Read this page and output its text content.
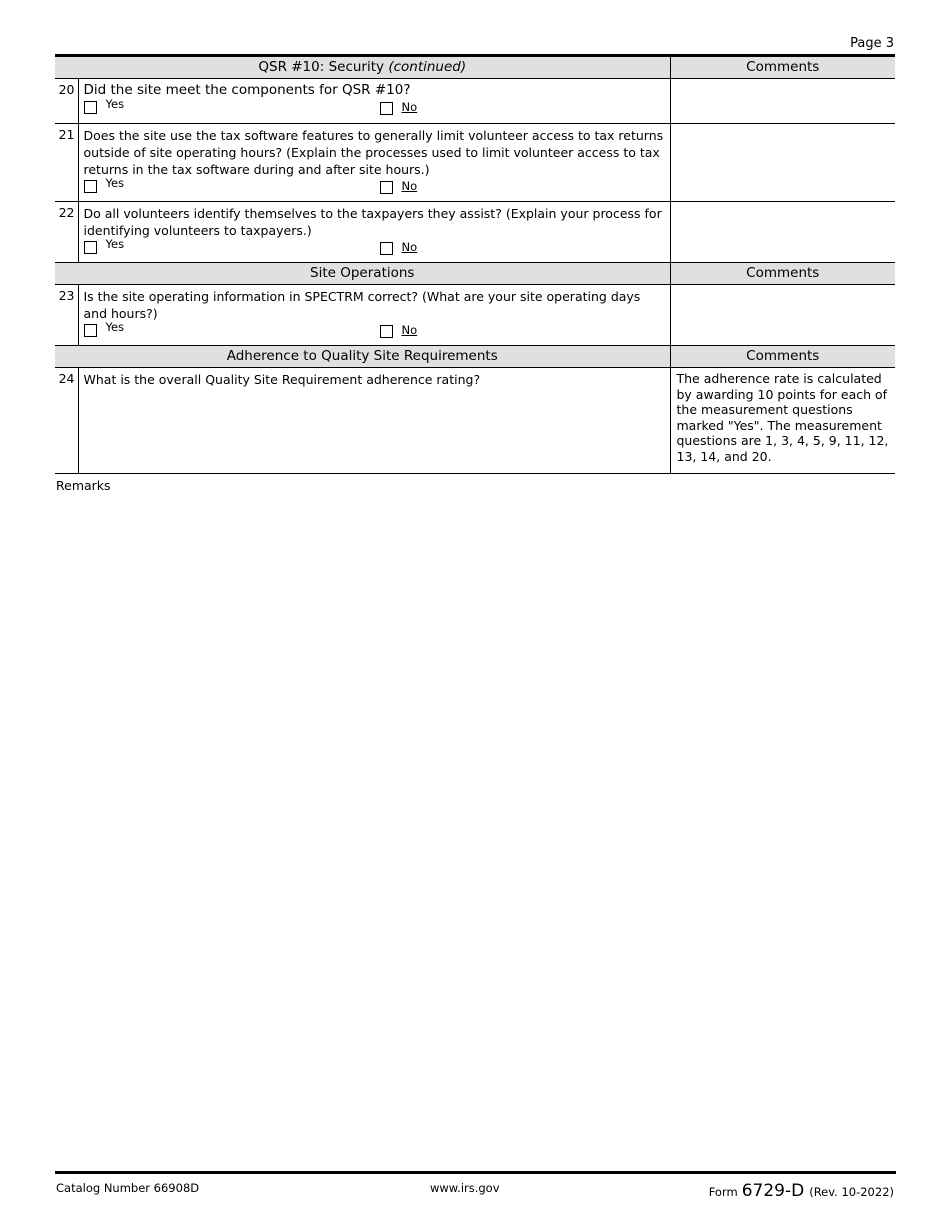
Page 3
QSR #10: Security (continued)		Comments
20	Did the site meet the components for QSR #10?
Yes No	

21	Does the site use the tax software features to generally limit volunteer access to tax returns outside of site operating hours? (Explain the processes used to limit volunteer access to tax returns in the tax software during and after site hours.)
Yes No	

22	Do all volunteers identify themselves to the taxpayers they assist? (Explain your process for identifying volunteers to taxpayers.)
Yes No	

Site Operations		Comments
23	Is the site operating information in SPECTRM correct? (What are your site operating days and hours?)
Yes No	

Adherence to Quality Site Requirements		Comments
24	What is the overall Quality Site Requirement adherence rating?	The adherence rate is calculated by awarding 10 points for each of the measurement questions marked "Yes". The measurement questions are 1, 3, 4, 5, 9, 11, 12, 13, 14, and 20.
Remarks
Catalog Number 66908D	www.irs.gov	Form 6729-D (Rev. 10-2022)
